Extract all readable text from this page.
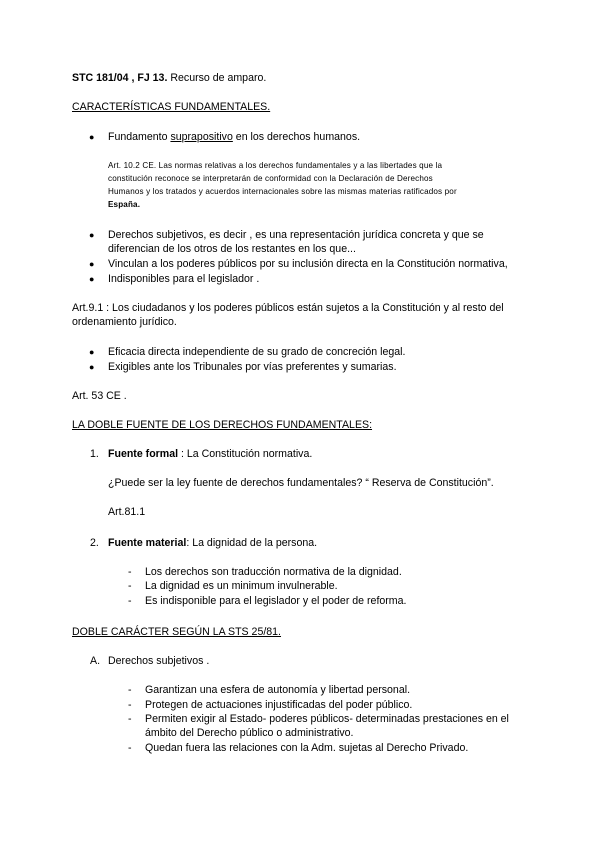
STC 181/04 , FJ 13. Recurso de amparo.
CARACTERÍSTICAS FUNDAMENTALES.
● Fundamento suprapositivo en los derechos humanos.
Art. 10.2 CE. Las normas relativas a los derechos fundamentales y a las libertades que la
constitución reconoce se interpretarán de conformidad con la Declaración de Derechos
Humanos y los tratados y acuerdos internacionales sobre las mismas materias ratificados por
España.
● Derechos subjetivos, es decir , es una representación jurídica concreta y que se
diferencian de los otros de los restantes en los que...
● Vinculan a los poderes públicos por su inclusión directa en la Constitución normativa,
● Indisponibles para el legislador .
Art.9.1 : Los ciudadanos y los poderes públicos están sujetos a la Constitución y al resto del
ordenamiento jurídico.
● Eficacia directa independiente de su grado de concreción legal.
● Exigibles ante los Tribunales por vías preferentes y sumarias.
Art. 53 CE .
LA DOBLE FUENTE DE LOS DERECHOS FUNDAMENTALES:
1. Fuente formal : La Constitución normativa.
¿Puede ser la ley fuente de derechos fundamentales? “ Reserva de Constitución”.
Art.81.1
2. Fuente material: La dignidad de la persona.
- Los derechos son traducción normativa de la dignidad.
- La dignidad es un minimum invulnerable.
- Es indisponible para el legislador y el poder de reforma.
DOBLE CARÁCTER SEGÚN LA STS 25/81.
A. Derechos subjetivos .
- Garantizan una esfera de autonomía y libertad personal.
- Protegen de actuaciones injustificadas del poder público.
- Permiten exigir al Estado- poderes públicos- determinadas prestaciones en el
ámbito del Derecho público o administrativo.
- Quedan fuera las relaciones con la Adm. sujetas al Derecho Privado.
